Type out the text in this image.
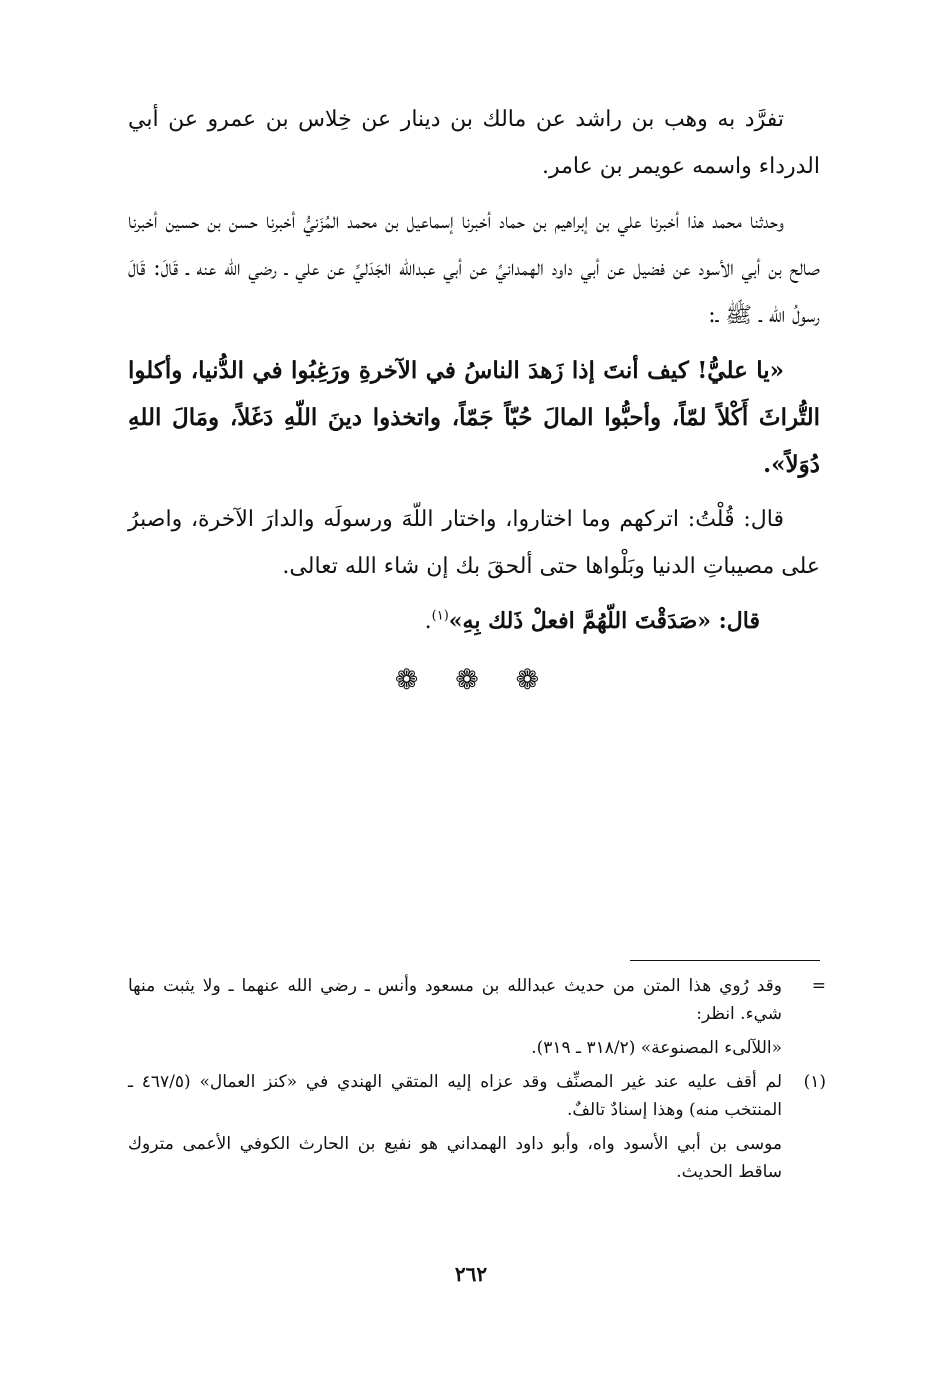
تفرَّد به وهب بن راشد عن مالك بن دينار عن خِلاس بن عمرو عن أبي الدرداء واسمه عويمر بن عامر.

وحدثنا محمد هذا أخبرنا علي بن إبراهيم بن حماد أخبرنا إسماعيل بن محمد المُزَنيُّ أخبرنا حسن بن حسين أخبرنا صالح بن أبي الأسود عن فضيل عن أبي داود الهمدانيِّ عن أبي عبدالله الجَدَليِّ عن علي ـ رضي الله عنه ـ قَالَ: قَالَ رسولُ الله ـ ﷺ ـ:

«يا عليُّ! كيف أنتَ إذا زَهدَ الناسُ في الآخرةِ ورَغِبُوا في الدُّنيا، وأكلوا التُّراثَ أَكْلاً لمّاً، وأحبُّوا المالَ حُبّاً جَمّاً، واتخذوا دينَ اللّهِ دَغَلاً، ومَالَ اللهِ دُوَلاً».

قال: قُلْتُ: اتركهم وما اختاروا، واختار اللّهَ ورسولَه والدارَ الآخرة، واصبرُ على مصيباتِ الدنيا وبَلْواها حتى ألحقَ بك إن شاء الله تعالى.

قال: «صَدَقْتَ اللّهُمَّ افعلْ ذَلك بِهِ»$^{(١)}$.

❁ ❁ ❁
=
وقد رُوي هذا المتن من حديث عبدالله بن مسعود وأنس ـ رضي الله عنهما ـ ولا يثبت منها شيء. انظر:
«اللآلىء المصنوعة» (٣١٨/٢ ـ ٣١٩).
(١)
لم أقف عليه عند غير المصنِّف وقد عزاه إليه المتقي الهندي في «كنز العمال» (٤٦٧/٥ ـ المنتخب منه) وهذا إسنادٌ تالفٌ.
موسى بن أبي الأسود واه، وأبو داود الهمداني هو نفيع بن الحارث الكوفي الأعمى متروك ساقط الحديث.
٢٦٢
